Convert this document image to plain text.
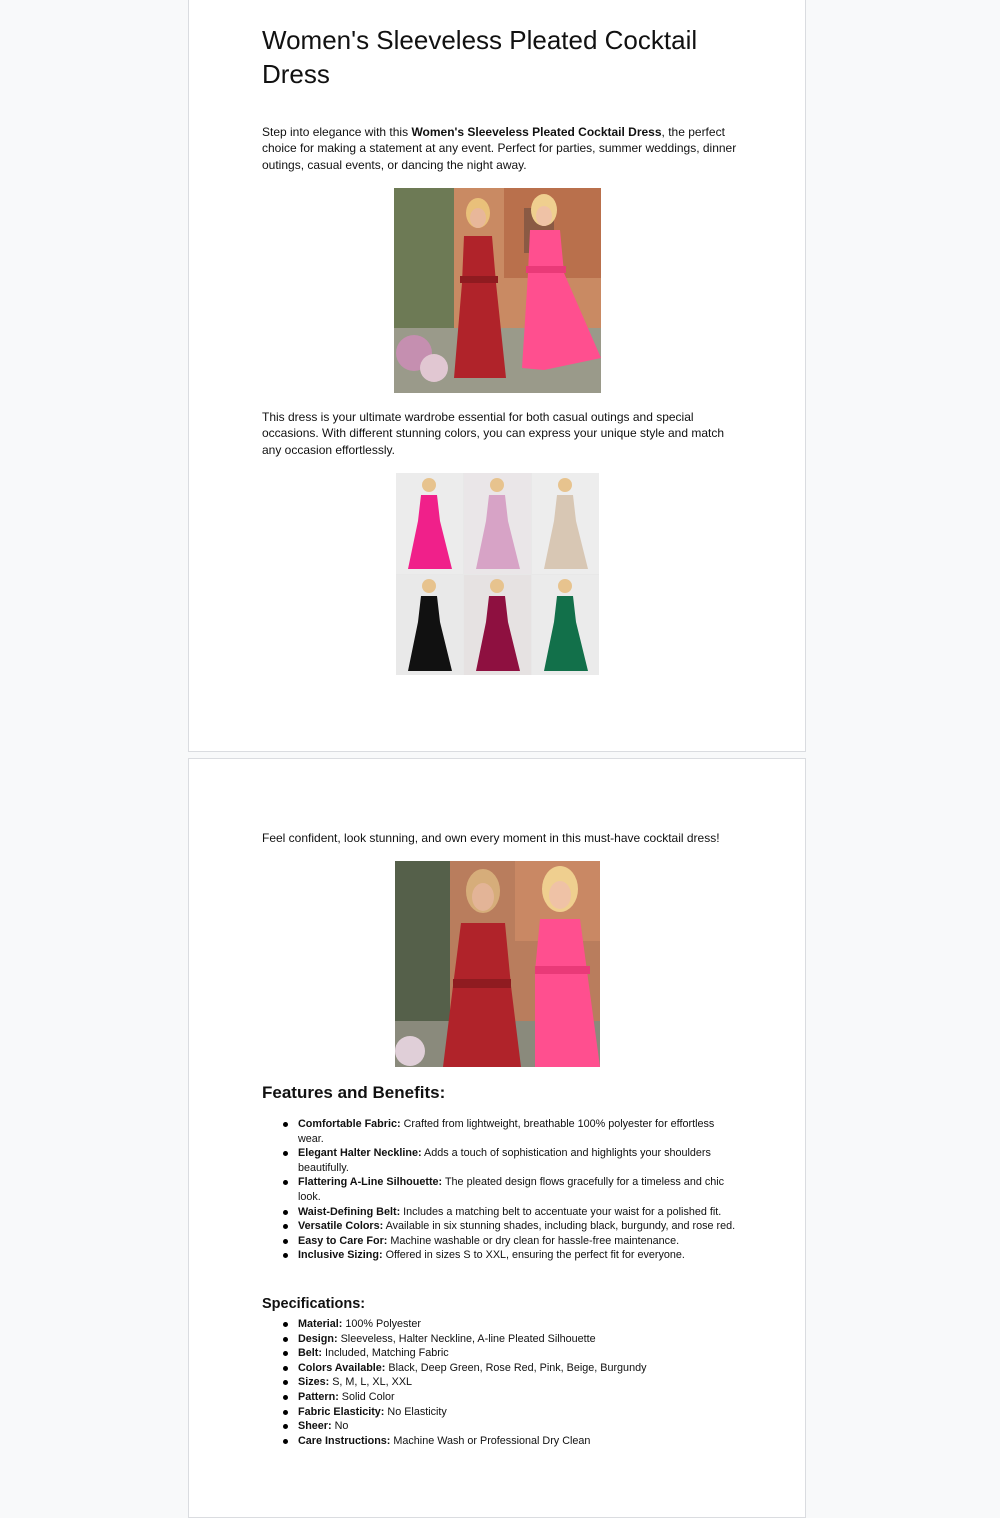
Women's Sleeveless Pleated Cocktail Dress

Step into elegance with this Women's Sleeveless Pleated Cocktail Dress, the perfect choice for making a statement at any event. Perfect for parties, summer weddings, dinner outings, casual events, or dancing the night away.

This dress is your ultimate wardrobe essential for both casual outings and special occasions. With different stunning colors, you can express your unique style and match any occasion effortlessly.

Feel confident, look stunning, and own every moment in this must-have cocktail dress!

Features and Benefits:
Comfortable Fabric: Crafted from lightweight, breathable 100% polyester for effortless wear.
Elegant Halter Neckline: Adds a touch of sophistication and highlights your shoulders beautifully.
Flattering A-Line Silhouette: The pleated design flows gracefully for a timeless and chic look.
Waist-Defining Belt: Includes a matching belt to accentuate your waist for a polished fit.
Versatile Colors: Available in six stunning shades, including black, burgundy, and rose red.
Easy to Care For: Machine washable or dry clean for hassle-free maintenance.
Inclusive Sizing: Offered in sizes S to XXL, ensuring the perfect fit for everyone.
Specifications:
Material: 100% Polyester
Design: Sleeveless, Halter Neckline, A-line Pleated Silhouette
Belt: Included, Matching Fabric
Colors Available: Black, Deep Green, Rose Red, Pink, Beige, Burgundy
Sizes: S, M, L, XL, XXL
Pattern: Solid Color
Fabric Elasticity: No Elasticity
Sheer: No
Care Instructions: Machine Wash or Professional Dry Clean
